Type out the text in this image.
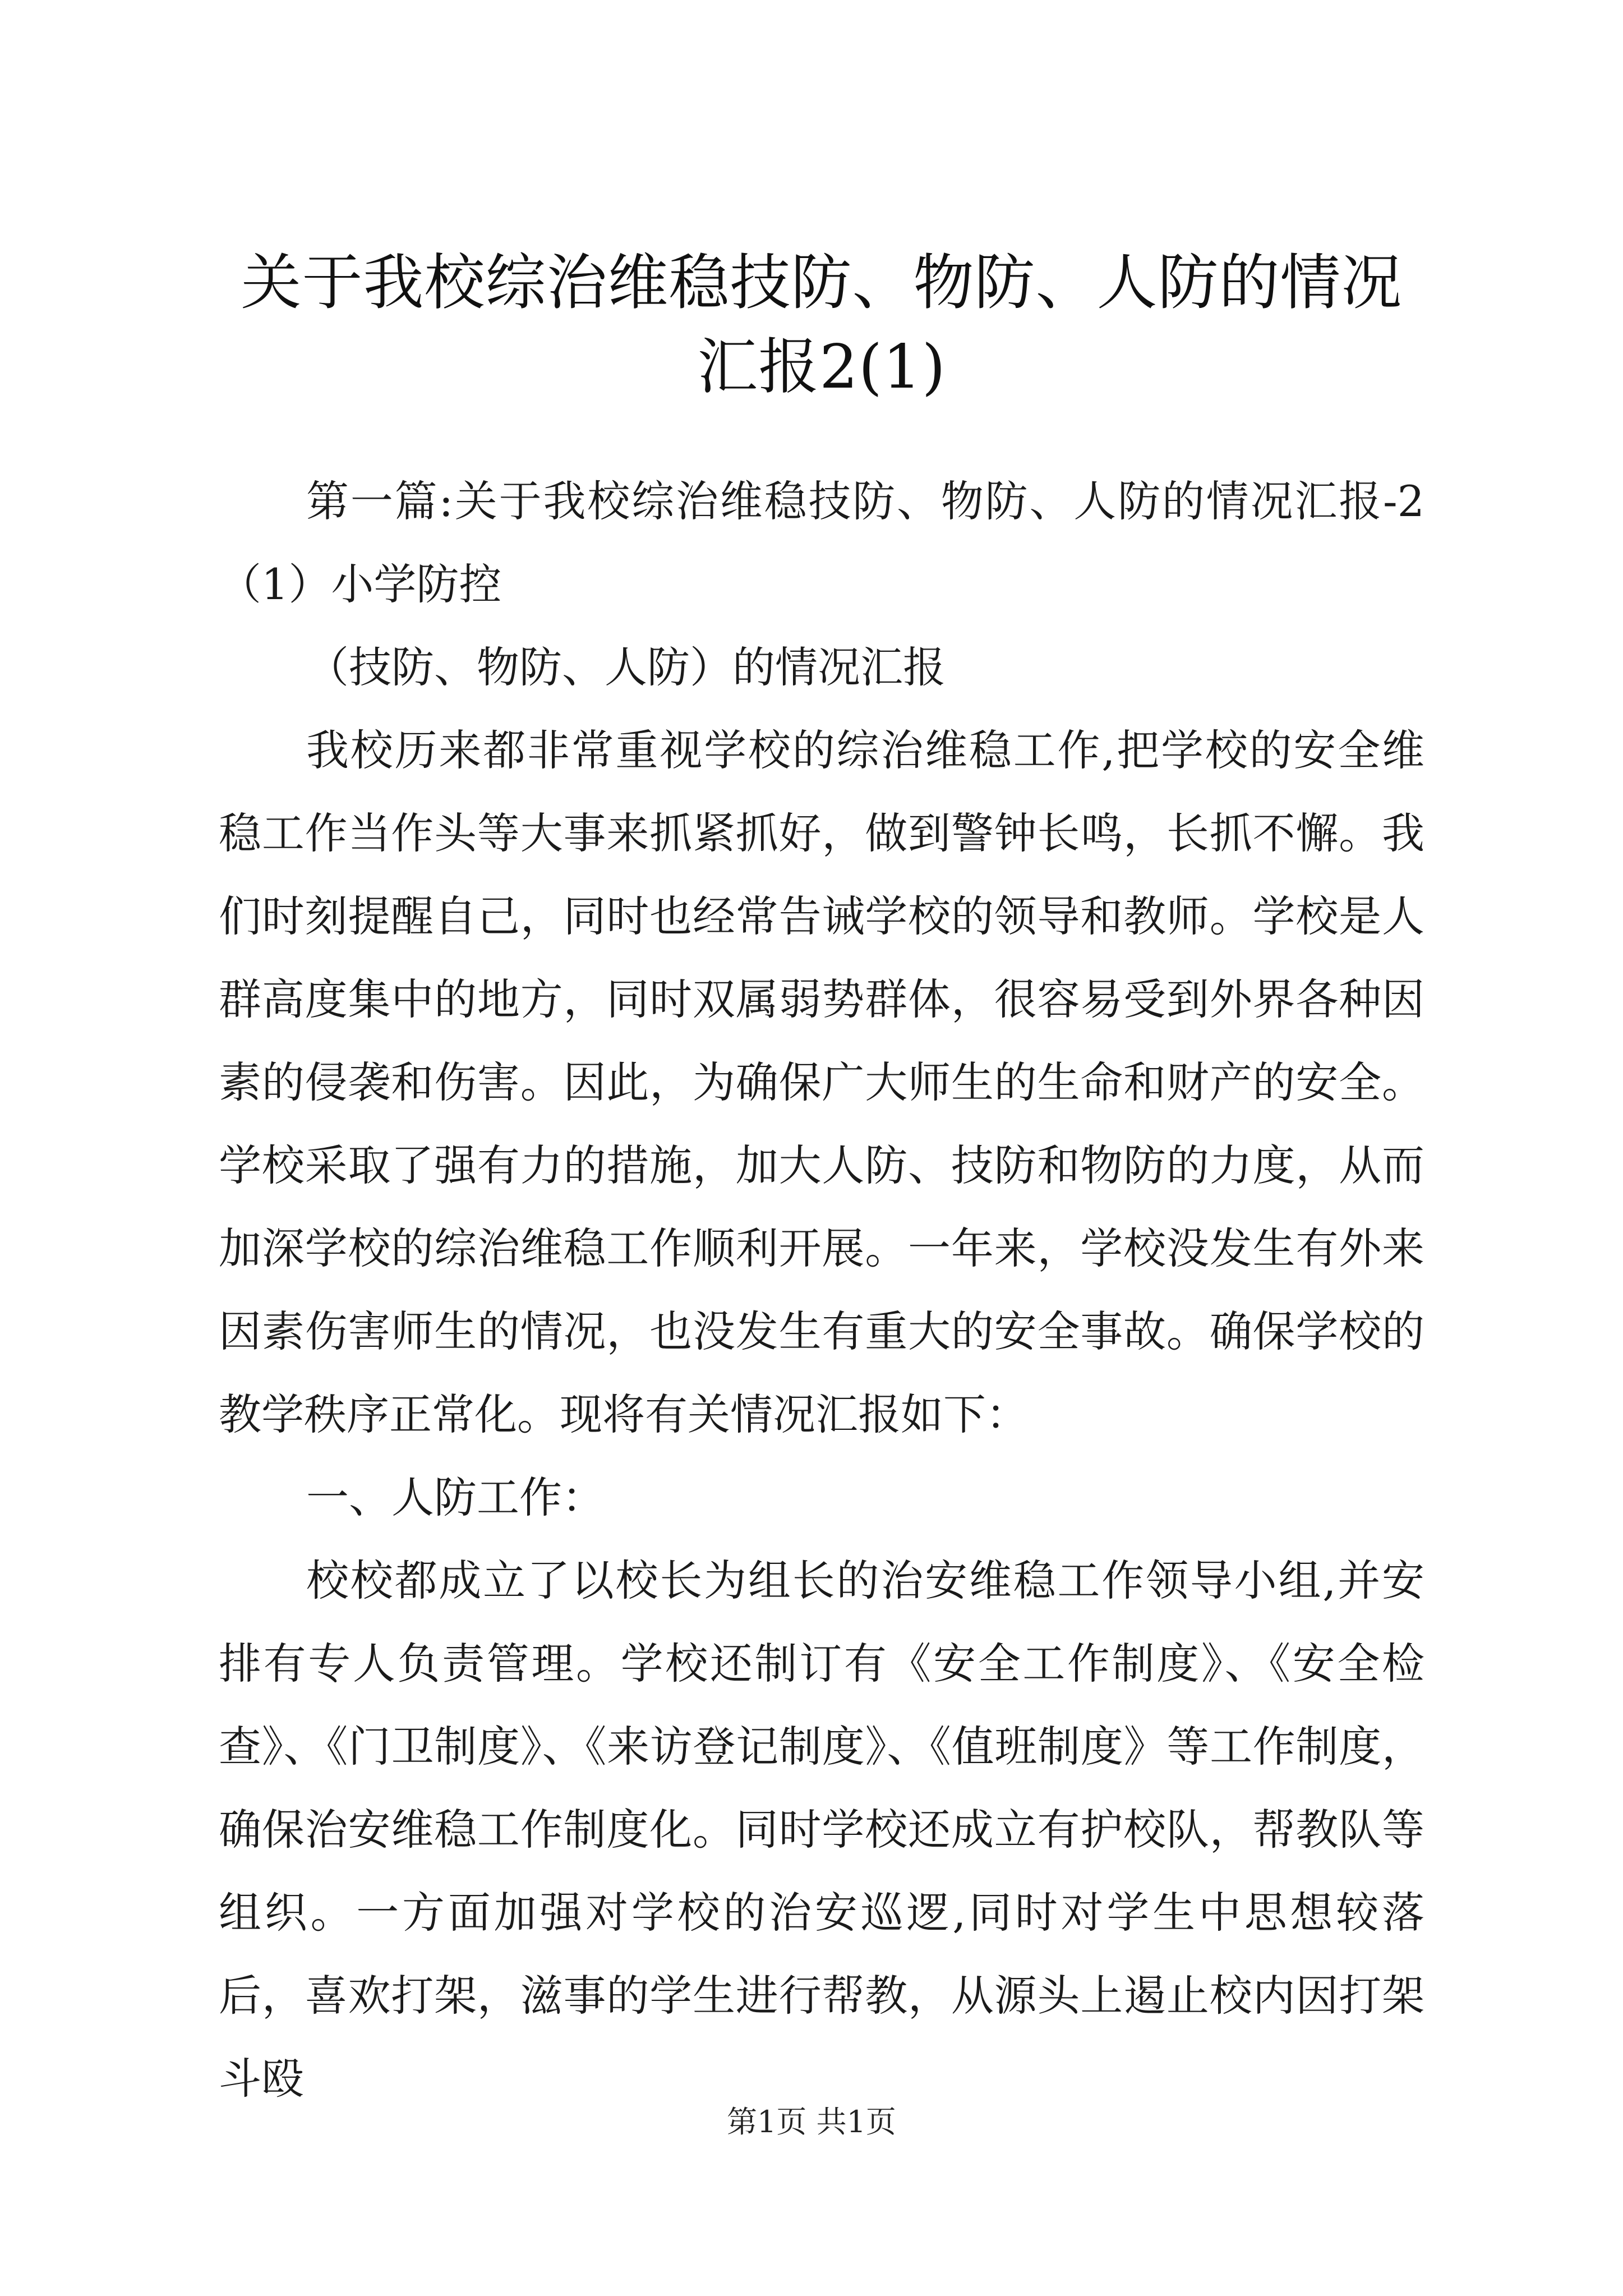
关于我校综治维稳技防、物防、人防的情况汇报2(1)

第一篇:关于我校综治维稳技防、物防、人防的情况汇报-2（1）小学防控

（技防、物防、人防）的情况汇报

我校历来都非常重视学校的综治维稳工作,把学校的安全维稳工作当作头等大事来抓紧抓好，做到警钟长鸣，长抓不懈。我们时刻提醒自己，同时也经常告诫学校的领导和教师。学校是人群高度集中的地方，同时双属弱势群体，很容易受到外界各种因素的侵袭和伤害。因此，为确保广大师生的生命和财产的安全。学校采取了强有力的措施，加大人防、技防和物防的力度，从而加深学校的综治维稳工作顺利开展。一年来，学校没发生有外来因素伤害师生的情况，也没发生有重大的安全事故。确保学校的教学秩序正常化。现将有关情况汇报如下：

一、人防工作：

校校都成立了以校长为组长的治安维稳工作领导小组,并安排有专人负责管理。学校还制订有《安全工作制度》、《安全检查》、《门卫制度》、《来访登记制度》、《值班制度》等工作制度，确保治安维稳工作制度化。同时学校还成立有护校队，帮教队等组织。一方面加强对学校的治安巡逻,同时对学生中思想较落后，喜欢打架，滋事的学生进行帮教，从源头上遏止校内因打架斗殴

第1页 共1页
